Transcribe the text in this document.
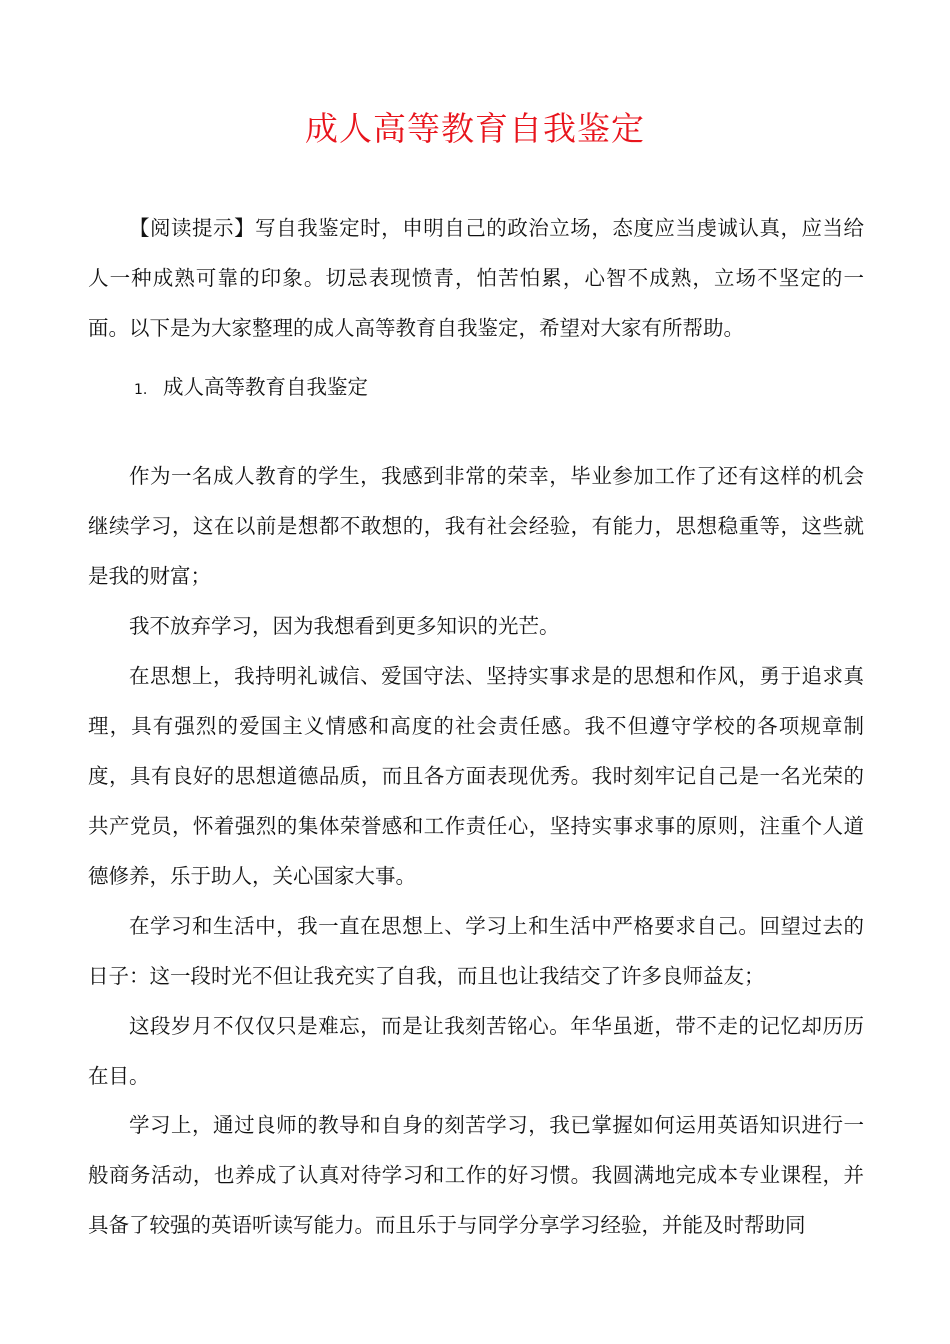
成人高等教育自我鉴定

【阅读提示】写自我鉴定时，申明自己的政治立场，态度应当虔诚认真，应当给人一种成熟可靠的印象。切忌表现愤青，怕苦怕累，心智不成熟，立场不坚定的一面。以下是为大家整理的成人高等教育自我鉴定，希望对大家有所帮助。

1. 成人高等教育自我鉴定

作为一名成人教育的学生，我感到非常的荣幸，毕业参加工作了还有这样的机会继续学习，这在以前是想都不敢想的，我有社会经验，有能力，思想稳重等，这些就是我的财富；

我不放弃学习，因为我想看到更多知识的光芒。

在思想上，我持明礼诚信、爱国守法、坚持实事求是的思想和作风，勇于追求真理，具有强烈的爱国主义情感和高度的社会责任感。我不但遵守学校的各项规章制度，具有良好的思想道德品质，而且各方面表现优秀。我时刻牢记自己是一名光荣的共产党员，怀着强烈的集体荣誉感和工作责任心，坚持实事求事的原则，注重个人道德修养，乐于助人，关心国家大事。

在学习和生活中，我一直在思想上、学习上和生活中严格要求自己。回望过去的日子：这一段时光不但让我充实了自我，而且也让我结交了许多良师益友；

这段岁月不仅仅只是难忘，而是让我刻苦铭心。年华虽逝，带不走的记忆却历历在目。

学习上，通过良师的教导和自身的刻苦学习，我已掌握如何运用英语知识进行一般商务活动，也养成了认真对待学习和工作的好习惯。我圆满地完成本专业课程，并具备了较强的英语听读写能力。而且乐于与同学分享学习经验，并能及时帮助同
